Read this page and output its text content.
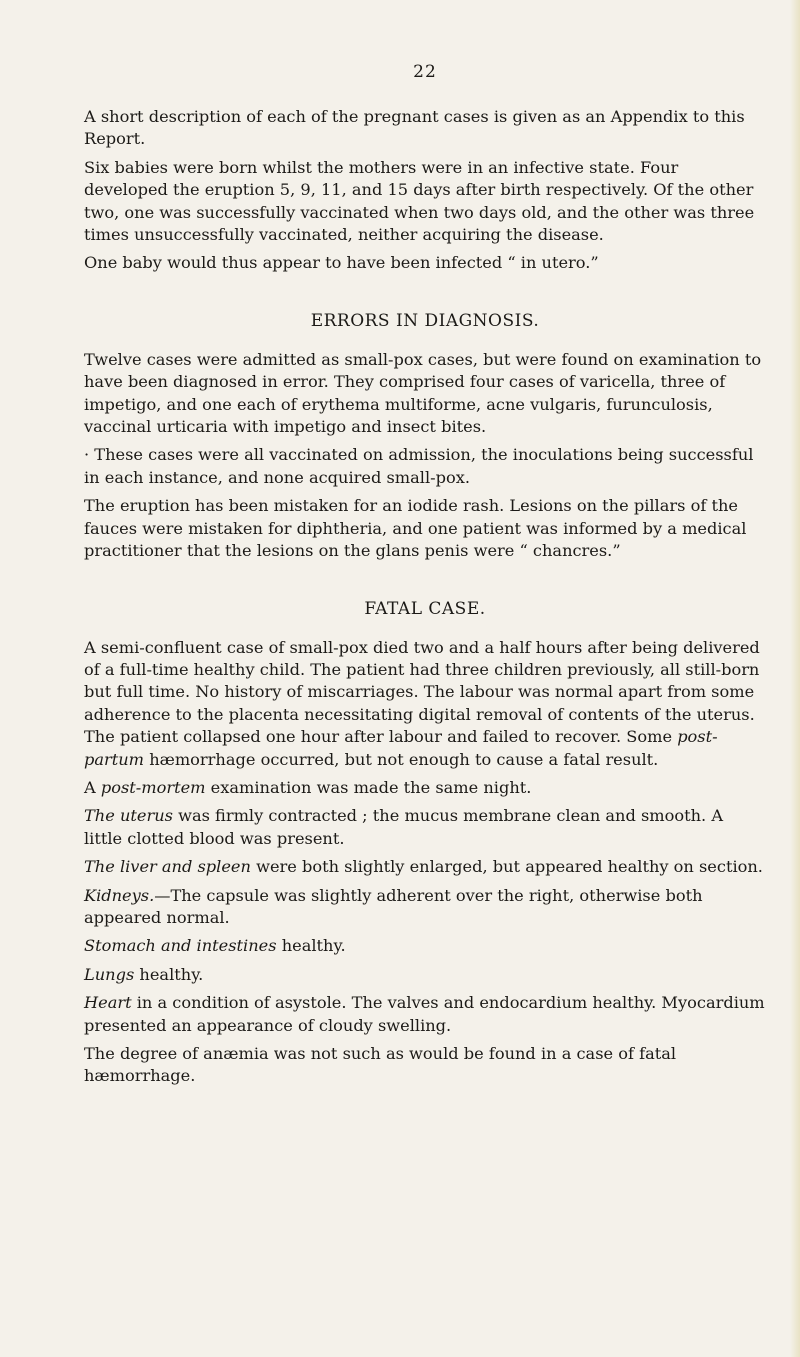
22

A short description of each of the pregnant cases is given as an Appendix to this Report.

Six babies were born whilst the mothers were in an infective state. Four developed the eruption 5, 9, 11, and 15 days after birth respectively. Of the other two, one was successfully vaccinated when two days old, and the other was three times unsuccessfully vaccinated, neither acquiring the disease.

One baby would thus appear to have been infected “ in utero.”

ERRORS IN DIAGNOSIS.

Twelve cases were admitted as small-pox cases, but were found on examination to have been diagnosed in error. They comprised four cases of varicella, three of impetigo, and one each of erythema multiforme, acne vulgaris, furunculosis, vaccinal urticaria with impetigo and insect bites.

· These cases were all vaccinated on admission, the inoculations being successful in each instance, and none acquired small-pox.

The eruption has been mistaken for an iodide rash. Lesions on the pillars of the fauces were mistaken for diphtheria, and one patient was informed by a medical practitioner that the lesions on the glans penis were “ chancres.”

FATAL CASE.

A semi-confluent case of small-pox died two and a half hours after being delivered of a full-time healthy child. The patient had three children previously, all still-born but full time. No history of miscarriages. The labour was normal apart from some adherence to the placenta necessitating digital removal of contents of the uterus. The patient collapsed one hour after labour and failed to recover. Some post-partum hæmorrhage occurred, but not enough to cause a fatal result.

A post-mortem examination was made the same night.

The uterus was firmly contracted ; the mucus membrane clean and smooth. A little clotted blood was present.

The liver and spleen were both slightly enlarged, but appeared healthy on section.

Kidneys.—The capsule was slightly adherent over the right, otherwise both appeared normal.

Stomach and intestines healthy.

Lungs healthy.

Heart in a condition of asystole. The valves and endocardium healthy. Myocardium presented an appearance of cloudy swelling.

The degree of anæmia was not such as would be found in a case of fatal hæmorrhage.
